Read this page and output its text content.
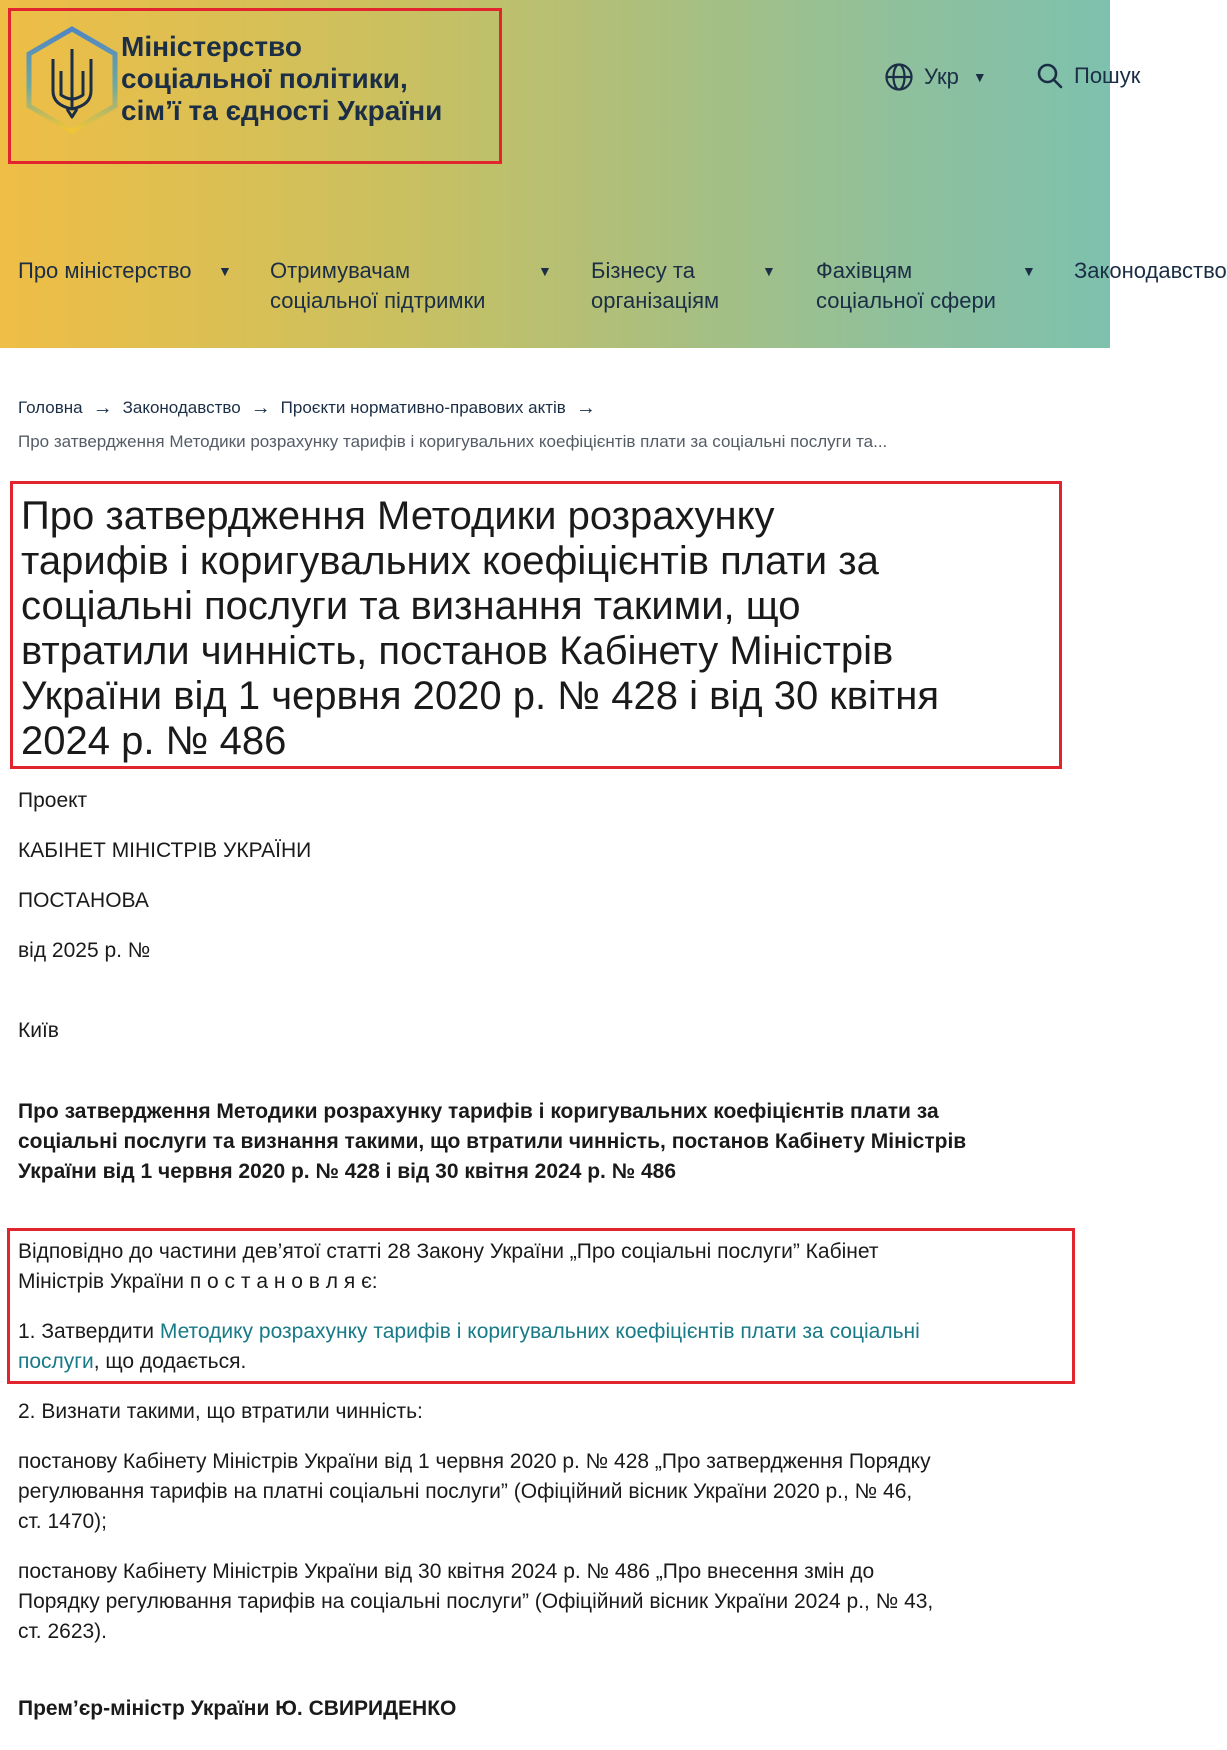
Міністерство
соціальної політики,
сім’ї та єдності України
Укр ▼	Пошук
Про міністерство ▼ Отримувачам
соціальної підтримки
▼ Бізнесу та
організаціям
▼ Фахівцям
соціальної сфери
▼ Законодавство
Головна → Законодавство → Проєкти нормативно-правових актів →
Про затвердження Методики розрахунку тарифів і коригувальних коефіцієнтів плати за соціальні послуги та...
Про затвердження Методики розрахунку
тарифів і коригувальних коефіцієнтів плати за
соціальні послуги та визнання такими, що
втратили чинність, постанов Кабінету Міністрів
України від 1 червня 2020 р. № 428 і від 30 квітня
2024 р. № 486
Проект
КАБІНЕТ МІНІСТРІВ УКРАЇНИ
ПОСТАНОВА
від 2025 р. №
Київ
Про затвердження Методики розрахунку тарифів і коригувальних коефіцієнтів плати за
соціальні послуги та визнання такими, що втратили чинність, постанов Кабінету Міністрів
України від 1 червня 2020 р. № 428 і від 30 квітня 2024 р. № 486
Відповідно до частини дев’ятої статті 28 Закону України „Про соціальні послуги” Кабінет
Міністрів України п о с т а н о в л я є:
1. Затвердити Методику розрахунку тарифів і коригувальних коефіцієнтів плати за соціальні
послуги, що додається.
2. Визнати такими, що втратили чинність:
постанову Кабінету Міністрів України від 1 червня 2020 р. № 428 „Про затвердження Порядку
регулювання тарифів на платні соціальні послуги” (Офіційний вісник України 2020 р., № 46,
ст. 1470);
постанову Кабінету Міністрів України від 30 квітня 2024 р. № 486 „Про внесення змін до
Порядку регулювання тарифів на соціальні послуги” (Офіційний вісник України 2024 р., № 43,
ст. 2623).
Прем’єр-міністр України Ю. СВИРИДЕНКО
